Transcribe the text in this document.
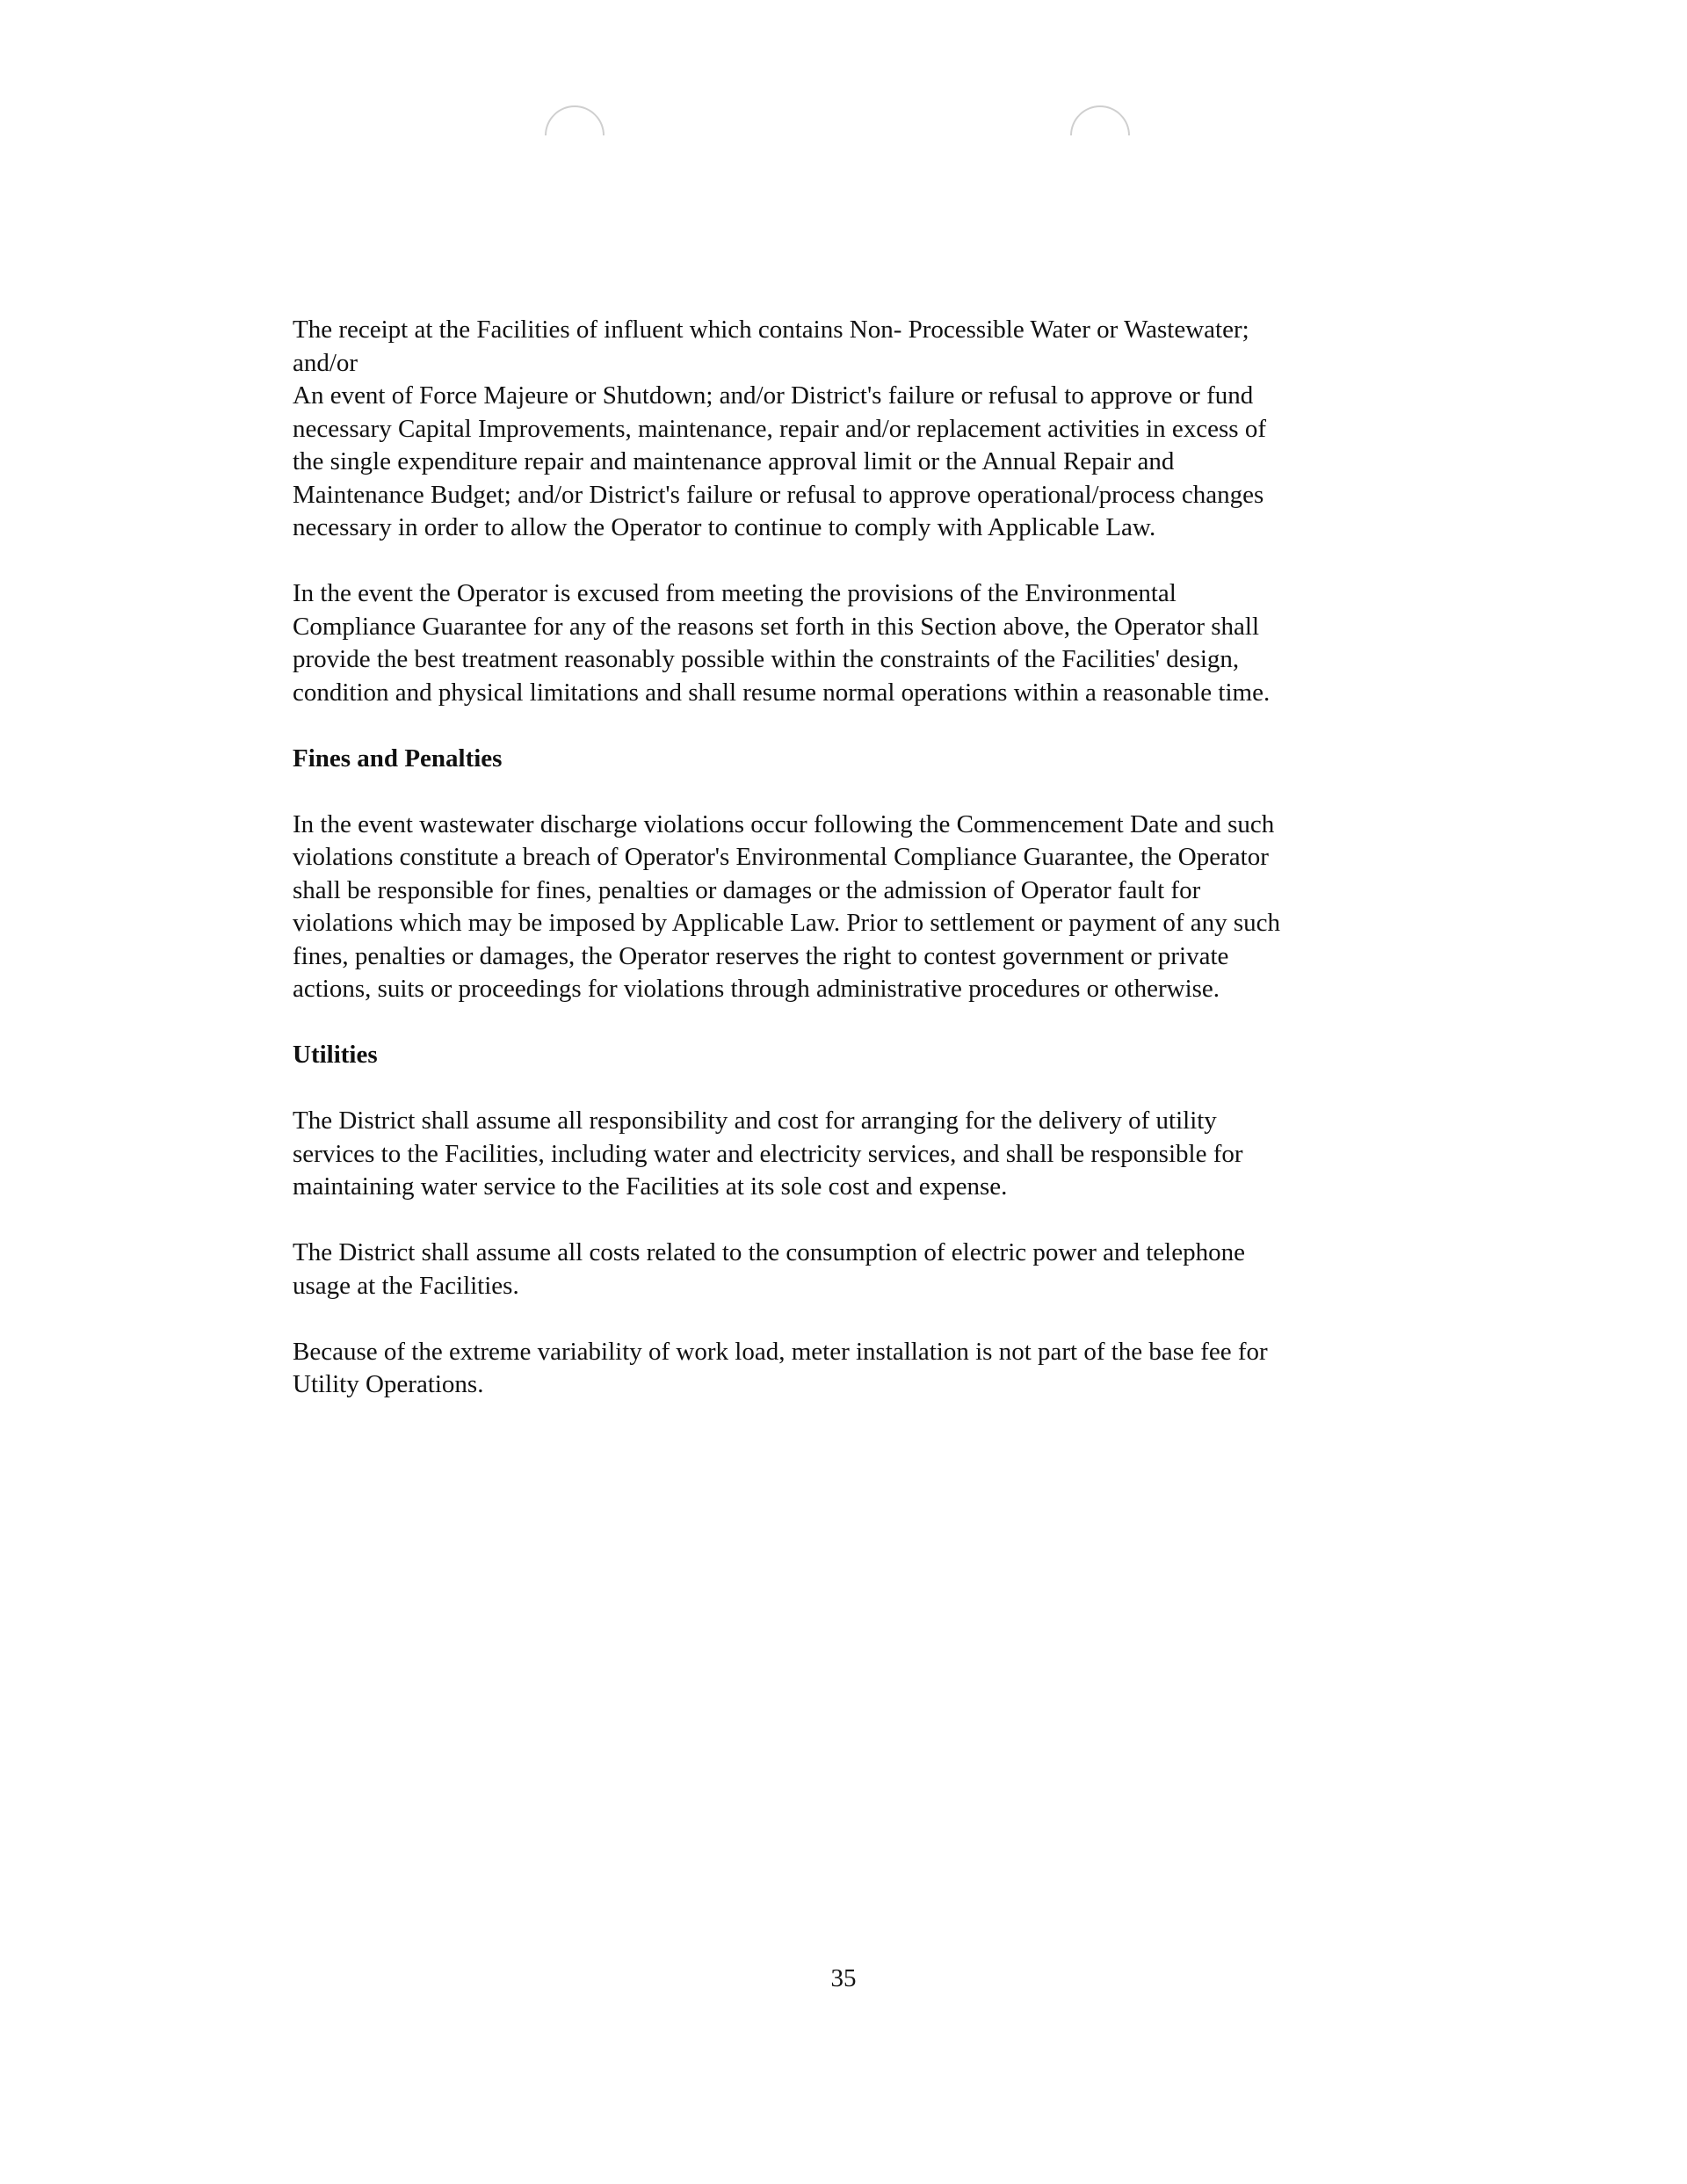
The receipt at the Facilities of influent which contains Non- Processible Water or Wastewater;
and/or
An event of Force Majeure or Shutdown; and/or District's failure or refusal to approve or fund
necessary Capital Improvements, maintenance, repair and/or replacement activities in excess of
the single expenditure repair and maintenance approval limit or the Annual Repair and
Maintenance Budget; and/or District's failure or refusal to approve operational/process changes
necessary in order to allow the Operator to continue to comply with Applicable Law.

In the event the Operator is excused from meeting the provisions of the Environmental
Compliance Guarantee for any of the reasons set forth in this Section above, the Operator shall
provide the best treatment reasonably possible within the constraints of the Facilities' design,
condition and physical limitations and shall resume normal operations within a reasonable time.

Fines and Penalties

In the event wastewater discharge violations occur following the Commencement Date and such
violations constitute a breach of Operator's Environmental Compliance Guarantee, the Operator
shall be responsible for fines, penalties or damages or the admission of Operator fault for
violations which may be imposed by Applicable Law. Prior to settlement or payment of any such
fines, penalties or damages, the Operator reserves the right to contest government or private
actions, suits or proceedings for violations through administrative procedures or otherwise.

Utilities

The District shall assume all responsibility and cost for arranging for the delivery of utility
services to the Facilities, including water and electricity services, and shall be responsible for
maintaining water service to the Facilities at its sole cost and expense.

The District shall assume all costs related to the consumption of electric power and telephone
usage at the Facilities.

Because of the extreme variability of work load, meter installation is not part of the base fee for
Utility Operations.

35
